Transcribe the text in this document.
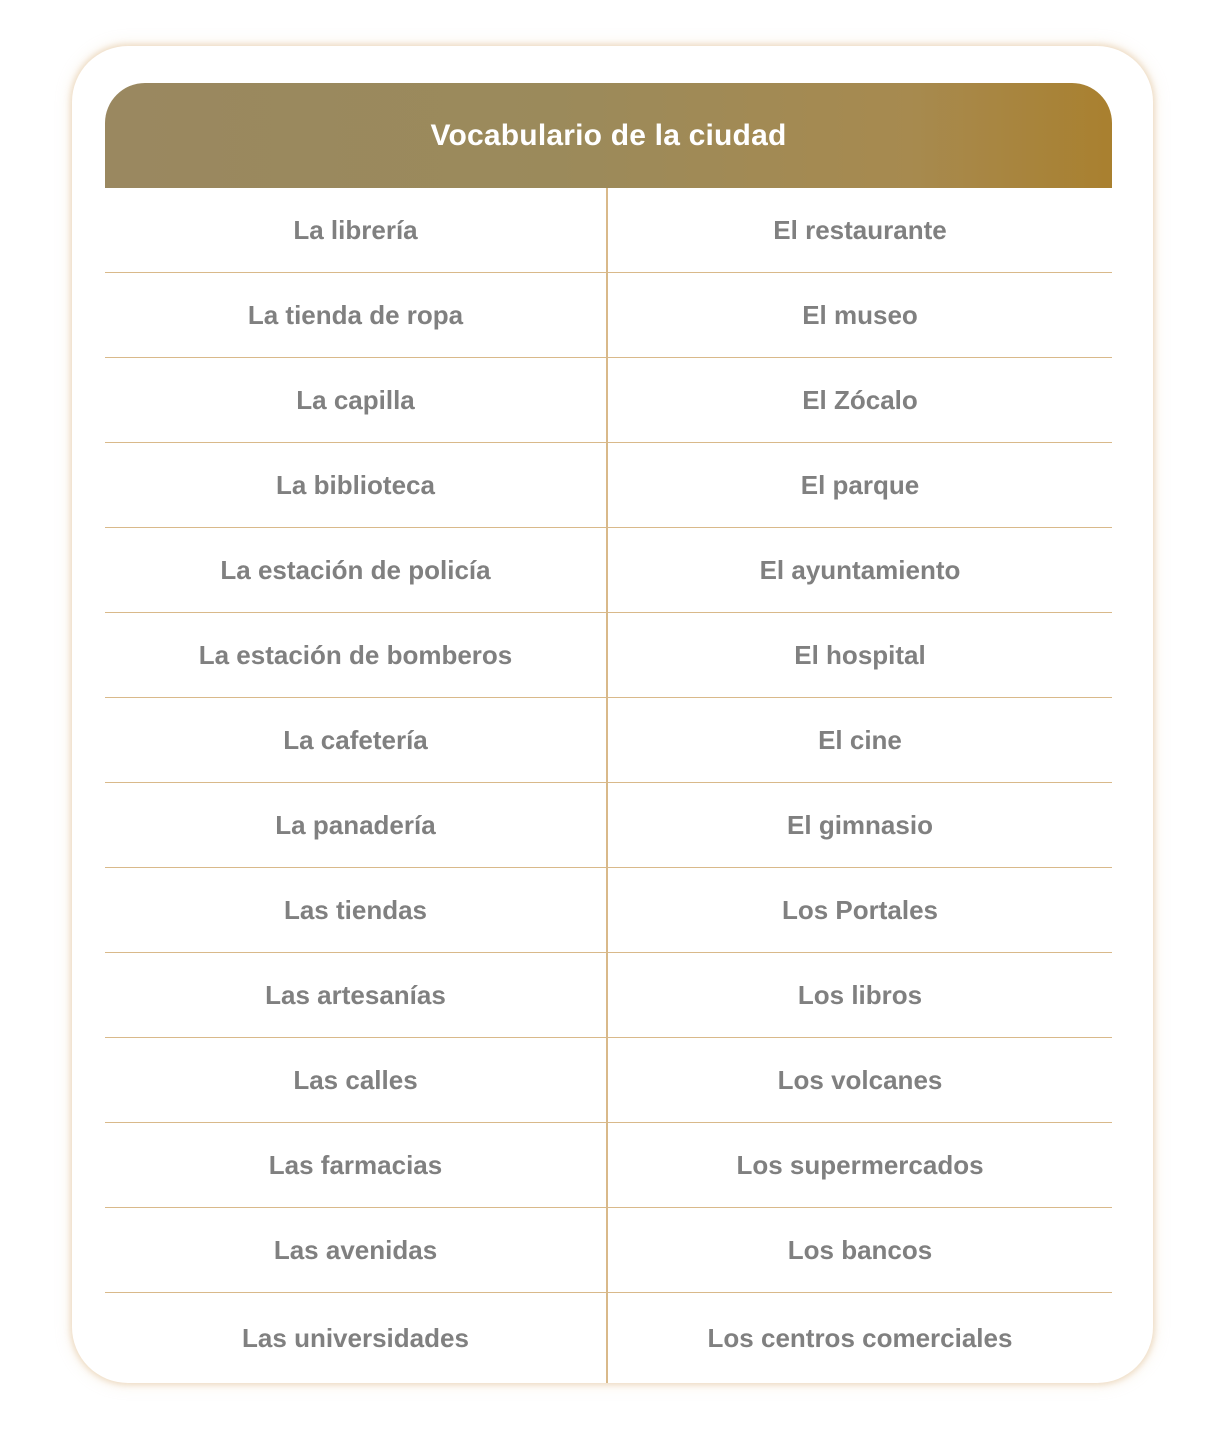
Vocabulario de la ciudad
La librería	El restaurante
La tienda de ropa	El museo
La capilla	El Zócalo
La biblioteca	El parque
La estación de policía	El ayuntamiento
La estación de bomberos	El hospital
La cafetería	El cine
La panadería	El gimnasio
Las tiendas	Los Portales
Las artesanías	Los libros
Las calles	Los volcanes
Las farmacias	Los supermercados
Las avenidas	Los bancos
Las universidades	Los centros comerciales
